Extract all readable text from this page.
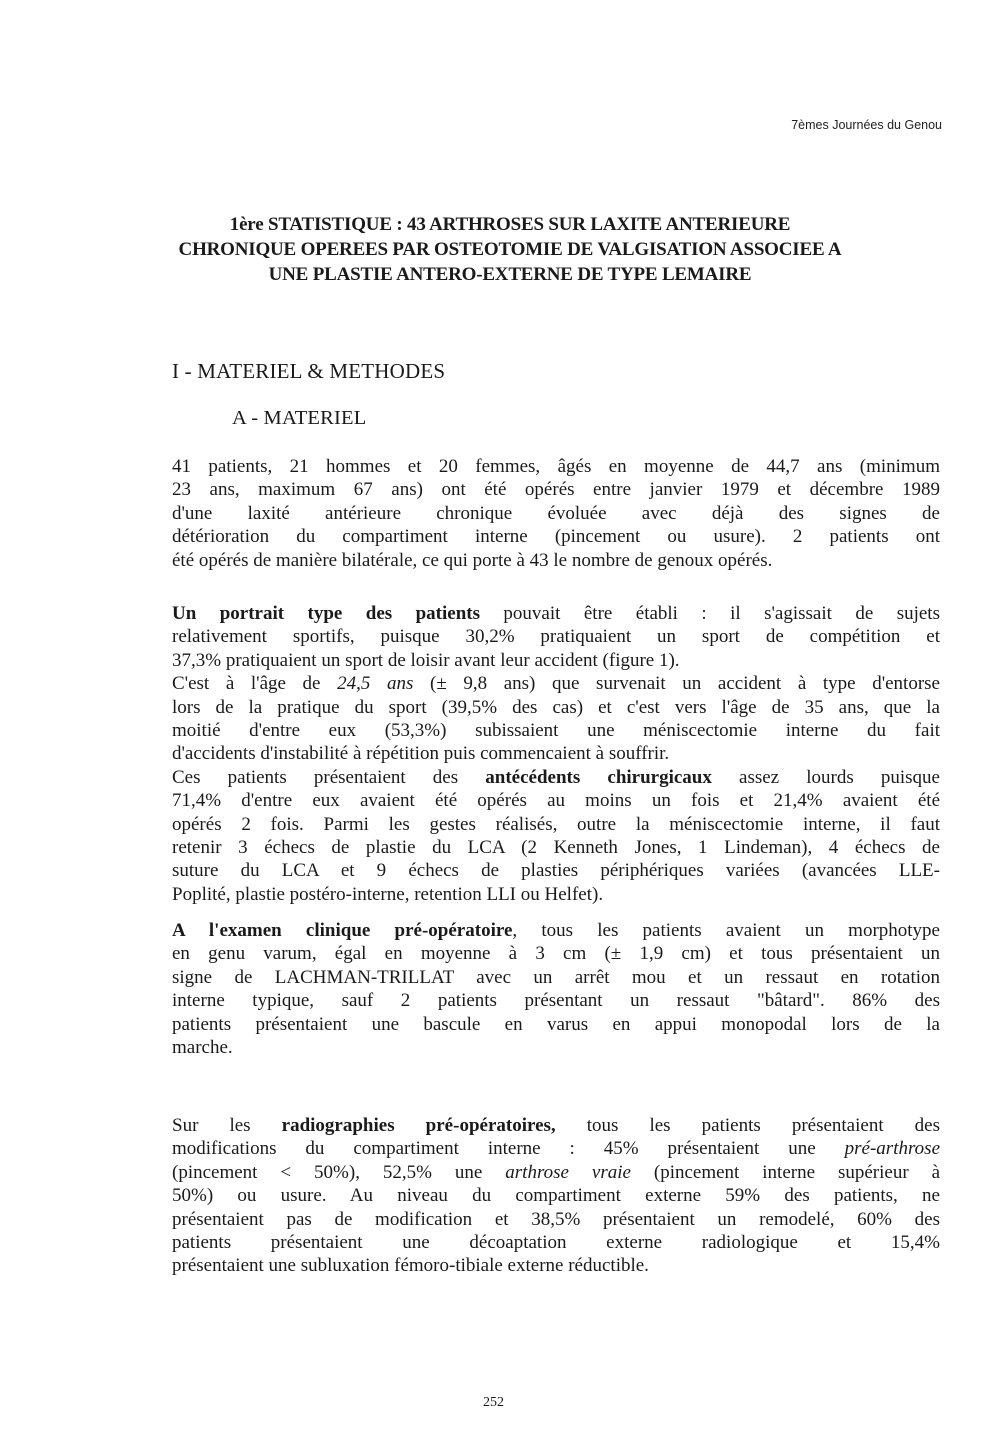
7èmes Journées du Genou
1ère STATISTIQUE : 43 ARTHROSES SUR LAXITE ANTERIEURE
CHRONIQUE OPEREES PAR OSTEOTOMIE DE VALGISATION ASSOCIEE A
UNE PLASTIE ANTERO-EXTERNE DE TYPE LEMAIRE
I - MATERIEL & METHODES
A - MATERIEL
41 patients, 21 hommes et 20 femmes, âgés en moyenne de 44,7 ans (minimum
23 ans, maximum 67 ans) ont été opérés entre janvier 1979 et décembre 1989
d'une laxité antérieure chronique évoluée avec déjà des signes de
détérioration du compartiment interne (pincement ou usure). 2 patients ont
été opérés de manière bilatérale, ce qui porte à 43 le nombre de genoux opérés.
Un portrait type des patients pouvait être établi : il s'agissait de sujets
relativement sportifs, puisque 30,2% pratiquaient un sport de compétition et
37,3% pratiquaient un sport de loisir avant leur accident (figure 1).
C'est à l'âge de 24,5 ans (± 9,8 ans) que survenait un accident à type d'entorse
lors de la pratique du sport (39,5% des cas) et c'est vers l'âge de 35 ans, que la
moitié d'entre eux (53,3%) subissaient une méniscectomie interne du fait
d'accidents d'instabilité à répétition puis commencaient à souffrir.
Ces patients présentaient des antécédents chirurgicaux assez lourds puisque
71,4% d'entre eux avaient été opérés au moins un fois et 21,4% avaient été
opérés 2 fois. Parmi les gestes réalisés, outre la méniscectomie interne, il faut
retenir 3 échecs de plastie du LCA (2 Kenneth Jones, 1 Lindeman), 4 échecs de
suture du LCA et 9 échecs de plasties périphériques variées (avancées LLE-
Poplité, plastie postéro-interne, retention LLI ou Helfet).
A l'examen clinique pré-opératoire, tous les patients avaient un morphotype
en genu varum, égal en moyenne à 3 cm (± 1,9 cm) et tous présentaient un
signe de LACHMAN-TRILLAT avec un arrêt mou et un ressaut en rotation
interne typique, sauf 2 patients présentant un ressaut "bâtard". 86% des
patients présentaient une bascule en varus en appui monopodal lors de la
marche.
Sur les radiographies pré-opératoires, tous les patients présentaient des
modifications du compartiment interne : 45% présentaient une pré-arthrose
(pincement < 50%), 52,5% une arthrose vraie (pincement interne supérieur à
50%) ou usure. Au niveau du compartiment externe 59% des patients, ne
présentaient pas de modification et 38,5% présentaient un remodelé, 60% des
patients présentaient une décoaptation externe radiologique et 15,4%
présentaient une subluxation fémoro-tibiale externe réductible.
252
